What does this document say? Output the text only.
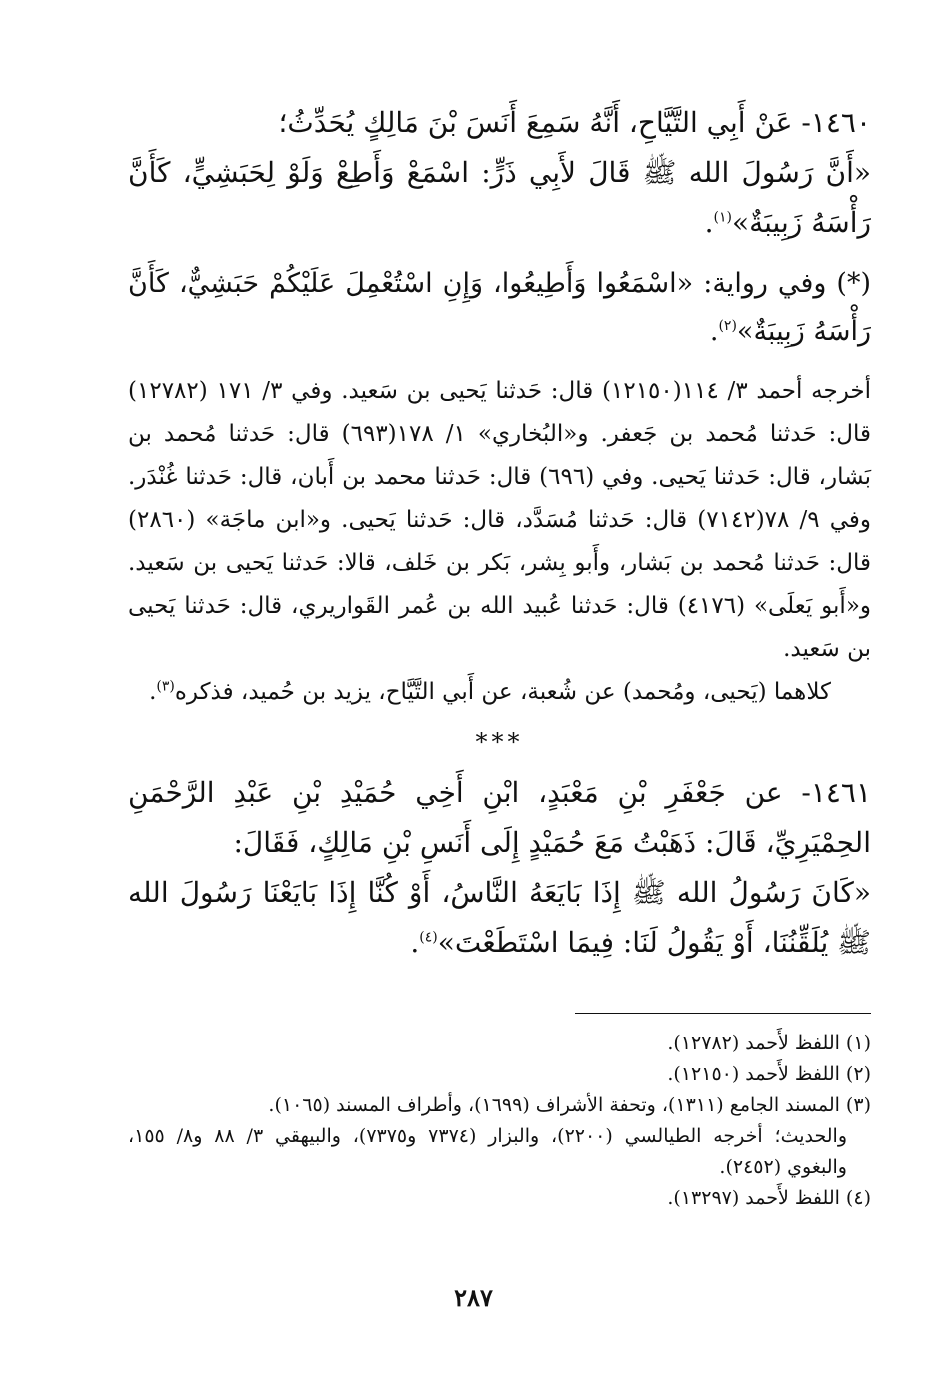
١٤٦٠- عَنْ أَبِي التَّيَّاحِ، أَنَّهُ سَمِعَ أَنَسَ بْنَ مَالِكٍ يُحَدِّثُ؛

«أَنَّ رَسُولَ الله ﷺ قَالَ لأَبِي ذَرٍّ: اسْمَعْ وَأَطِعْ وَلَوْ لِحَبَشِيٍّ، كَأَنَّ رَأْسَهُ زَبِيبَةٌ»$^{(١)}$.

(*) وفي رواية: «اسْمَعُوا وَأَطِيعُوا، وَإِنِ اسْتُعْمِلَ عَلَيْكُمْ حَبَشِيٌّ، كَأَنَّ رَأْسَهُ زَبِيبَةٌ»$^{(٢)}$.

أخرجه أحمد ٣/ ١١٤(١٢١٥٠) قال: حَدثنا يَحيى بن سَعيد. وفي ٣/ ١٧١ (١٢٧٨٢) قال: حَدثنا مُحمد بن جَعفر. و«البُخاري» ١/ ١٧٨(٦٩٣) قال: حَدثنا مُحمد بن بَشار، قال: حَدثنا يَحيى. وفي (٦٩٦) قال: حَدثنا محمد بن أَبان، قال: حَدثنا غُنْدَر. وفي ٩/ ٧٨(٧١٤٢) قال: حَدثنا مُسَدَّد، قال: حَدثنا يَحيى. و«ابن ماجَة» (٢٨٦٠) قال: حَدثنا مُحمد بن بَشار، وأَبو بِشر، بَكر بن خَلف، قالا: حَدثنا يَحيى بن سَعيد. و«أَبو يَعلَى» (٤١٧٦) قال: حَدثنا عُبيد الله بن عُمر القَواريري، قال: حَدثنا يَحيى بن سَعيد.

كلاهما (يَحيى، ومُحمد) عن شُعبة، عن أَبي التَّيَّاح، يزيد بن حُميد، فذكره$^{(٣)}$.

***

١٤٦١- عن جَعْفَرِ بْنِ مَعْبَدٍ، ابْنِ أَخِي حُمَيْدِ بْنِ عَبْدِ الرَّحْمَنِ الحِمْيَرِيِّ، قَالَ: ذَهَبْتُ مَعَ حُمَيْدٍ إِلَى أَنَسِ بْنِ مَالِكٍ، فَقَالَ:

«كَانَ رَسُولُ الله ﷺ إِذَا بَايَعَهُ النَّاسُ، أَوْ كُنَّا إِذَا بَايَعْنَا رَسُولَ الله ﷺ يُلَقِّنُنَا، أَوْ يَقُولُ لَنَا: فِيمَا اسْتَطَعْتَ»$^{(٤)}$.

(١) اللفظ لأَحمد (١٢٧٨٢).

(٢) اللفظ لأَحمد (١٢١٥٠).

(٣) المسند الجامع (١٣١١)، وتحفة الأشراف (١٦٩٩)، وأطراف المسند (١٠٦٥).

والحديث؛ أخرجه الطيالسي (٢٢٠٠)، والبزار (٧٣٧٤ و٧٣٧٥)، والبيهقي ٣/ ٨٨ و٨/ ١٥٥، والبغوي (٢٤٥٢).

(٤) اللفظ لأَحمد (١٣٢٩٧).

٢٨٧
